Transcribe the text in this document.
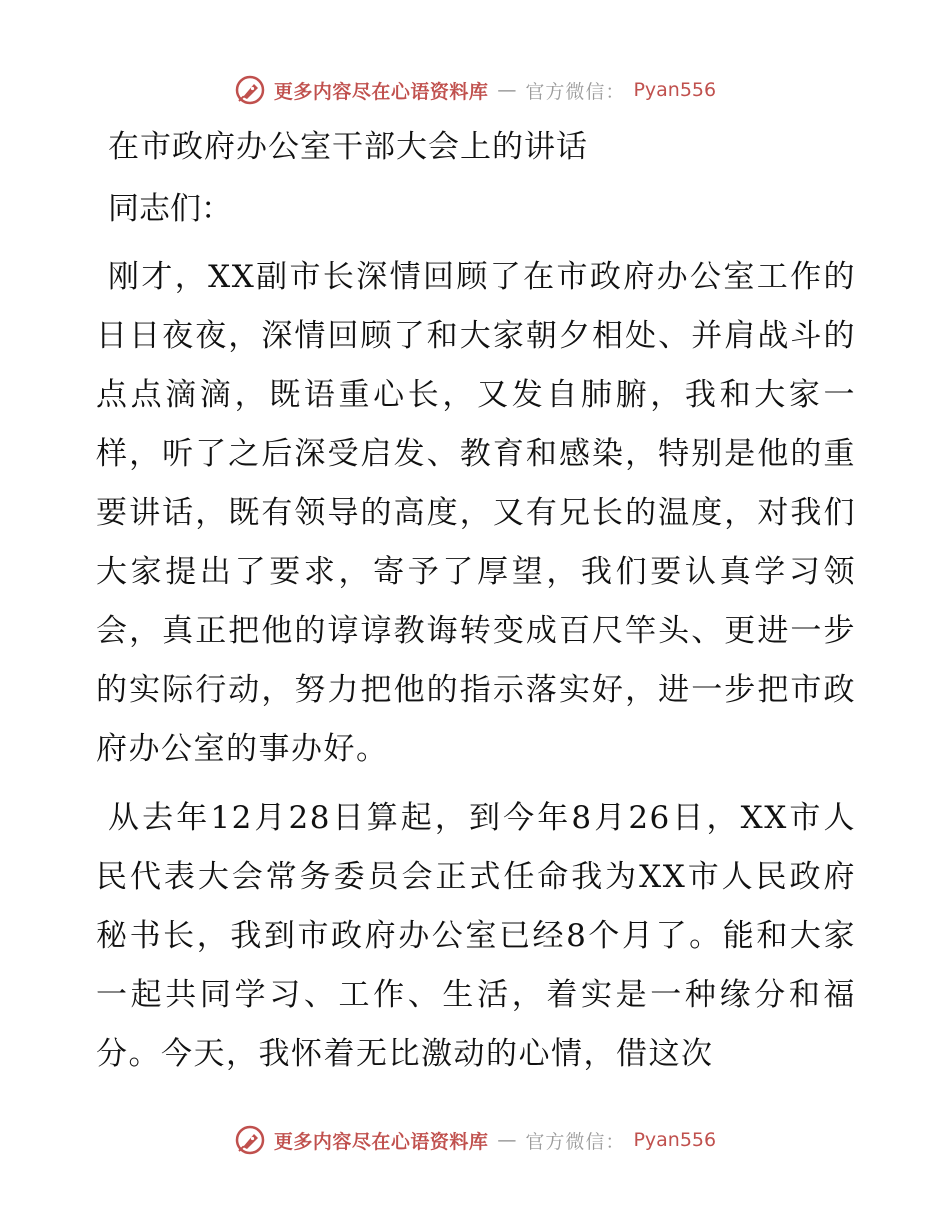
更多内容尽在心语资料库 — 官方微信： Pyan556
在市政府办公室干部大会上的讲话
同志们：

刚才，XX副市长深情回顾了在市政府办公室工作的日日夜夜，深情回顾了和大家朝夕相处、并肩战斗的点点滴滴，既语重心长，又发自肺腑，我和大家一样，听了之后深受启发、教育和感染，特别是他的重要讲话，既有领导的高度，又有兄长的温度，对我们大家提出了要求，寄予了厚望，我们要认真学习领会，真正把他的谆谆教诲转变成百尺竿头、更进一步的实际行动，努力把他的指示落实好，进一步把市政府办公室的事办好。

从去年12月28日算起，到今年8月26日，XX市人民代表大会常务委员会正式任命我为XX市人民政府秘书长，我到市政府办公室已经8个月了。能和大家一起共同学习、工作、生活，着实是一种缘分和福分。今天，我怀着无比激动的心情，借这次

更多内容尽在心语资料库 — 官方微信： Pyan556
